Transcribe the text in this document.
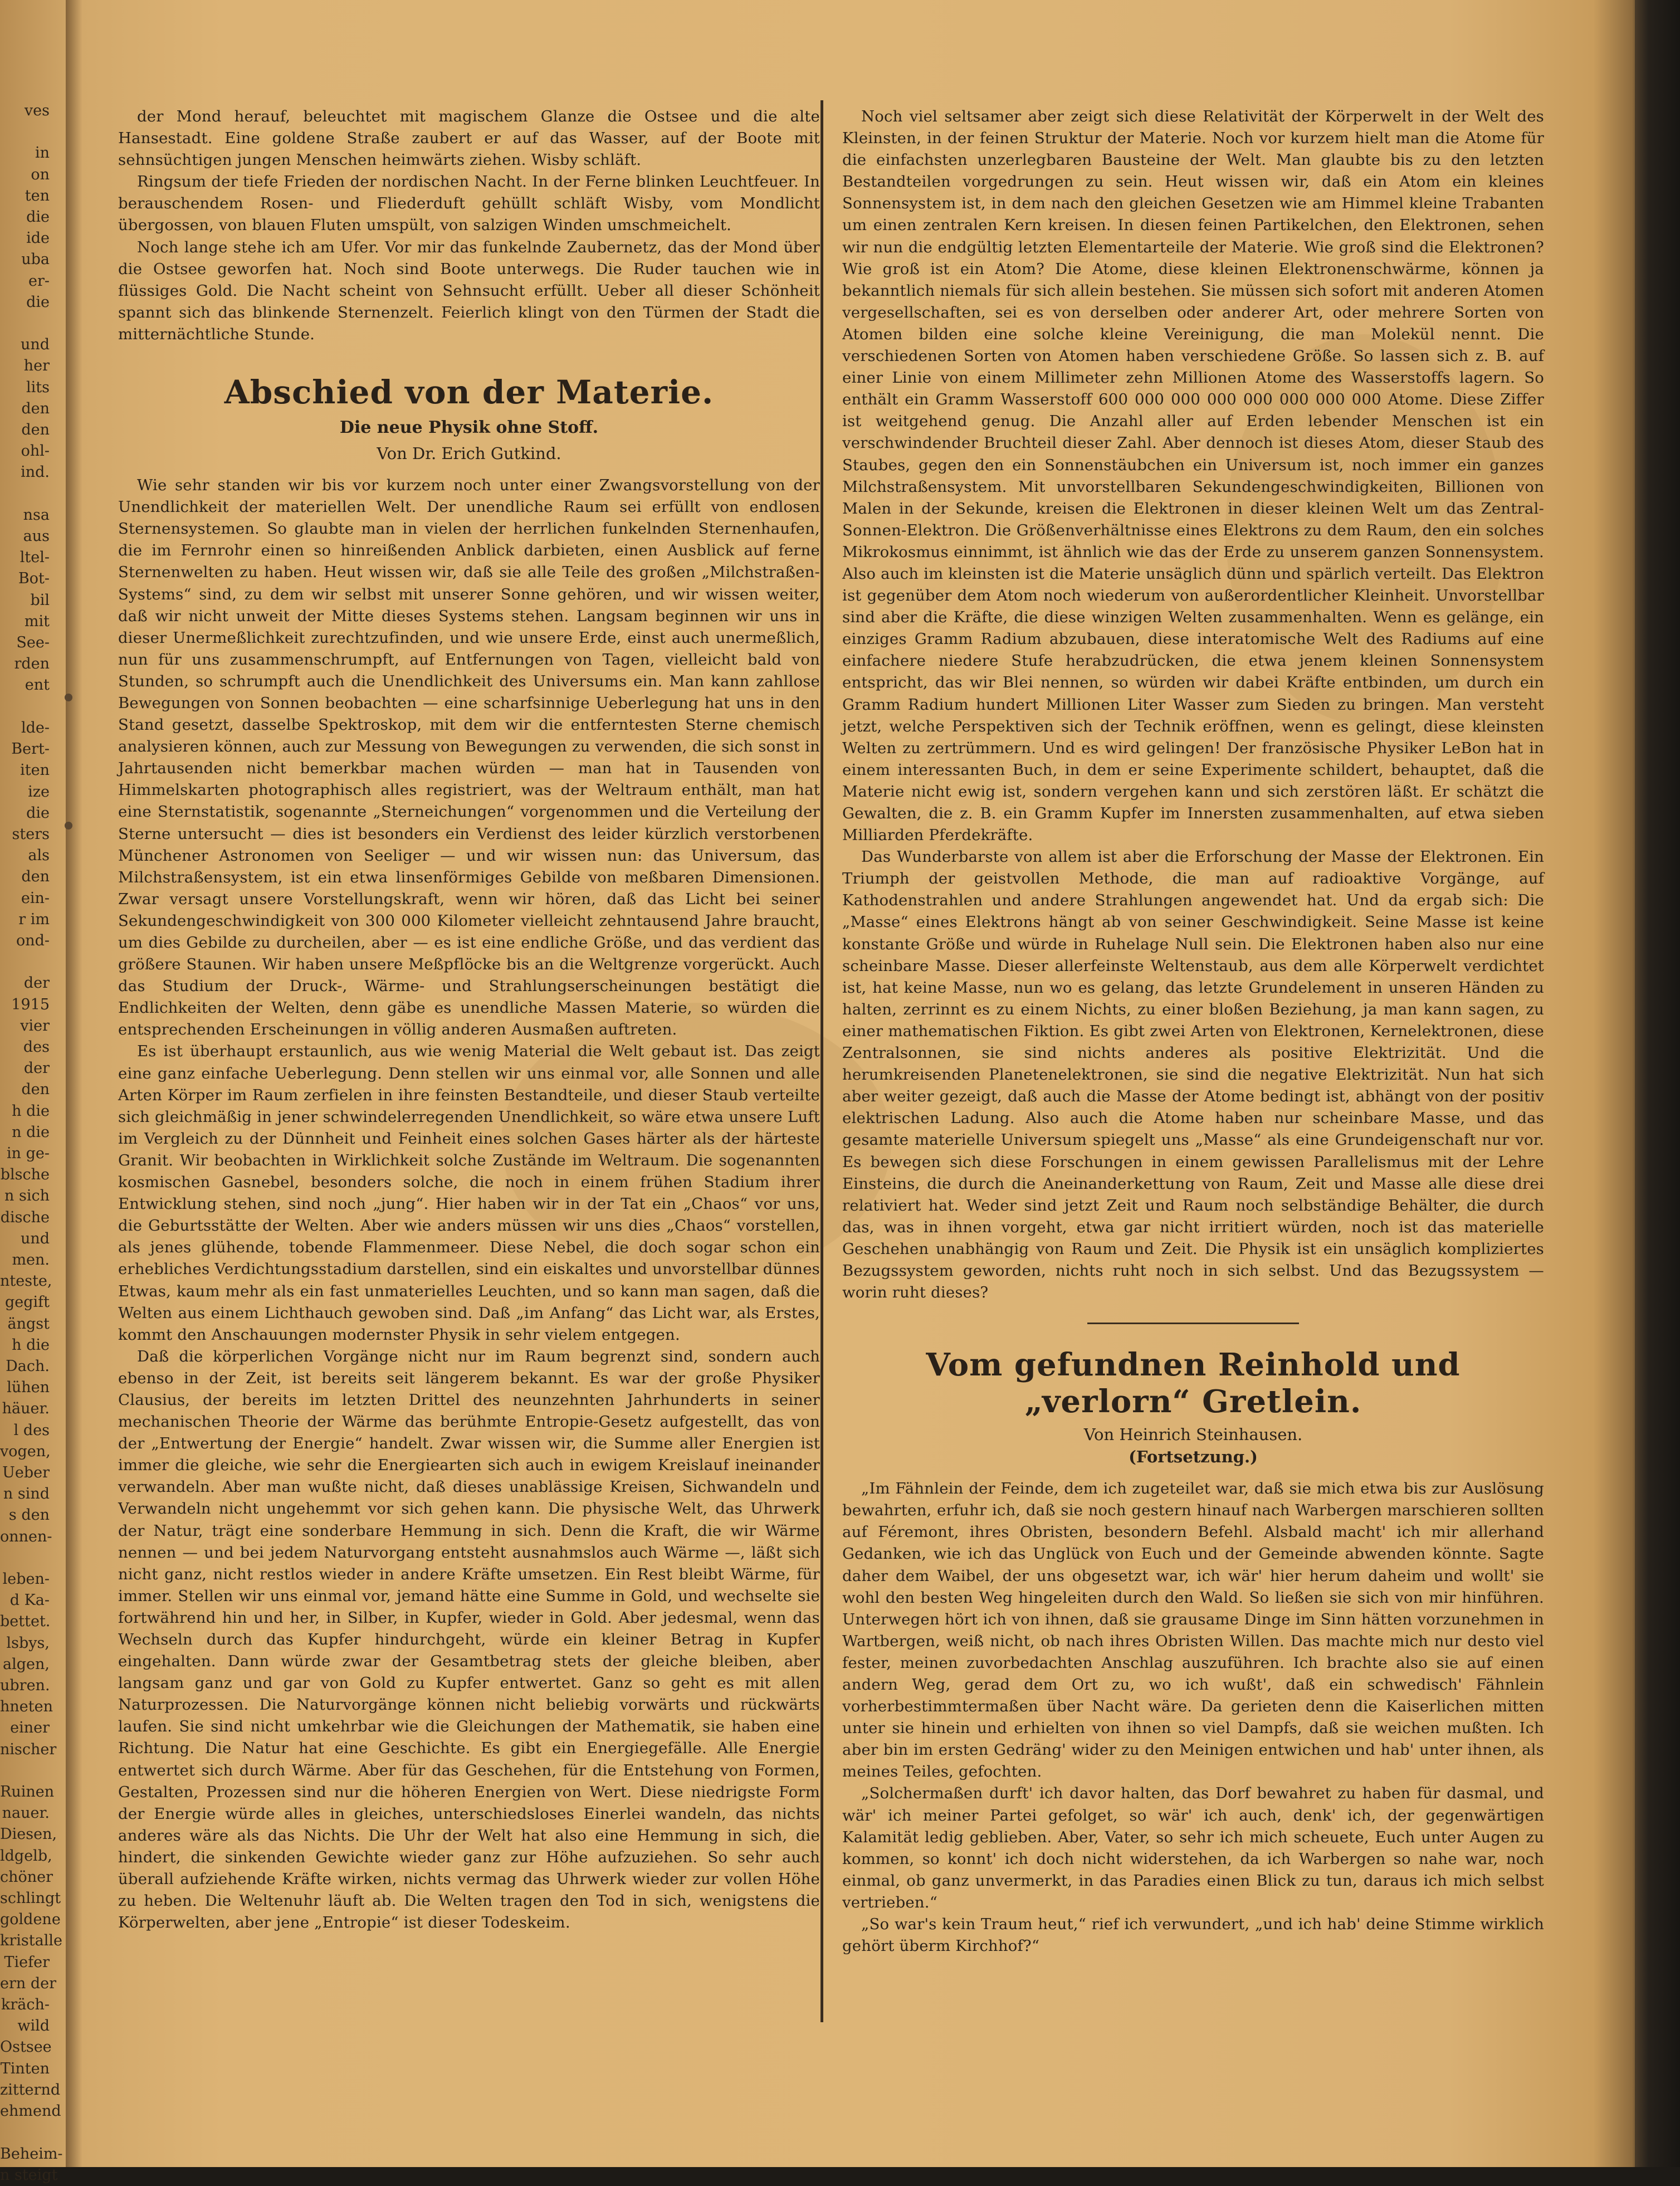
ves

in
on
ten
die
ide
uba
er-
die

und
her
lits
den
den
ohl-
ind.

nsa
aus
ltel-
Bot-
bil
mit
See-
rden
ent

lde-
Bert-
iten
ize
die
sters
als
den
ein-
r im
ond-

der
1915
vier
des
der
den
h die
n die
in ge-
blsche
n sich
dische
und
men.
nteste,
gegift
ängst
h die
Dach.
lühen
häuer.
l des
vogen,
Ueber
n sind
s den
onnen-

leben-
d Ka-
bettet.
lsbys,
algen,
ubren.
hneten
einer
nischer

Ruinen
nauer.
Diesen,
ldgelb,
chöner
schlingt
goldene
kristalle
Tiefer
ern der
kräch-
wild
Ostsee
Tinten
zitternd
ehmend

Beheim-
n steigt

der Mond herauf, beleuchtet mit magischem Glanze die Ostsee und die alte Hansestadt. Eine goldene Straße zaubert er auf das Wasser, auf der Boote mit sehnsüchtigen jungen Menschen heimwärts ziehen. Wisby schläft.

Ringsum der tiefe Frieden der nordischen Nacht. In der Ferne blinken Leuchtfeuer. In berauschendem Rosen- und Fliederduft gehüllt schläft Wisby, vom Mondlicht übergossen, von blauen Fluten umspült, von salzigen Winden umschmeichelt.

Noch lange stehe ich am Ufer. Vor mir das funkelnde Zaubernetz, das der Mond über die Ostsee geworfen hat. Noch sind Boote unterwegs. Die Ruder tauchen wie in flüssiges Gold. Die Nacht scheint von Sehnsucht erfüllt. Ueber all dieser Schönheit spannt sich das blinkende Sternenzelt. Feierlich klingt von den Türmen der Stadt die mitternächtliche Stunde.

Abschied von der Materie.
Die neue Physik ohne Stoff.
Von Dr. Erich Gutkind.

Wie sehr standen wir bis vor kurzem noch unter einer Zwangsvorstellung von der Unendlichkeit der materiellen Welt. Der unendliche Raum sei erfüllt von endlosen Sternensystemen. So glaubte man in vielen der herrlichen funkelnden Sternenhaufen, die im Fernrohr einen so hinreißenden Anblick darbieten, einen Ausblick auf ferne Sternenwelten zu haben. Heut wissen wir, daß sie alle Teile des großen „Milchstraßen-Systems“ sind, zu dem wir selbst mit unserer Sonne gehören, und wir wissen weiter, daß wir nicht unweit der Mitte dieses Systems stehen. Langsam beginnen wir uns in dieser Unermeßlichkeit zurechtzufinden, und wie unsere Erde, einst auch unermeßlich, nun für uns zusammenschrumpft, auf Entfernungen von Tagen, vielleicht bald von Stunden, so schrumpft auch die Unendlichkeit des Universums ein. Man kann zahllose Bewegungen von Sonnen beobachten — eine scharfsinnige Ueberlegung hat uns in den Stand gesetzt, dasselbe Spektroskop, mit dem wir die entferntesten Sterne chemisch analysieren können, auch zur Messung von Bewegungen zu verwenden, die sich sonst in Jahrtausenden nicht bemerkbar machen würden — man hat in Tausenden von Himmelskarten photographisch alles registriert, was der Weltraum enthält, man hat eine Sternstatistik, sogenannte „Sterneichungen“ vorgenommen und die Verteilung der Sterne untersucht — dies ist besonders ein Verdienst des leider kürzlich verstorbenen Münchener Astronomen von Seeliger — und wir wissen nun: das Universum, das Milchstraßensystem, ist ein etwa linsenförmiges Gebilde von meßbaren Dimensionen. Zwar versagt unsere Vorstellungskraft, wenn wir hören, daß das Licht bei seiner Sekundengeschwindigkeit von 300 000 Kilometer vielleicht zehntausend Jahre braucht, um dies Gebilde zu durcheilen, aber — es ist eine endliche Größe, und das verdient das größere Staunen. Wir haben unsere Meßpflöcke bis an die Weltgrenze vorgerückt. Auch das Studium der Druck-, Wärme- und Strahlungserscheinungen bestätigt die Endlichkeiten der Welten, denn gäbe es unendliche Massen Materie, so würden die entsprechenden Erscheinungen in völlig anderen Ausmaßen auftreten.

Es ist überhaupt erstaunlich, aus wie wenig Material die Welt gebaut ist. Das zeigt eine ganz einfache Ueberlegung. Denn stellen wir uns einmal vor, alle Sonnen und alle Arten Körper im Raum zerfielen in ihre feinsten Bestandteile, und dieser Staub verteilte sich gleichmäßig in jener schwindelerregenden Unendlichkeit, so wäre etwa unsere Luft im Vergleich zu der Dünnheit und Feinheit eines solchen Gases härter als der härteste Granit. Wir beobachten in Wirklichkeit solche Zustände im Weltraum. Die sogenannten kosmischen Gasnebel, besonders solche, die noch in einem frühen Stadium ihrer Entwicklung stehen, sind noch „jung“. Hier haben wir in der Tat ein „Chaos“ vor uns, die Geburtsstätte der Welten. Aber wie anders müssen wir uns dies „Chaos“ vorstellen, als jenes glühende, tobende Flammenmeer. Diese Nebel, die doch sogar schon ein erhebliches Verdichtungsstadium darstellen, sind ein eiskaltes und unvorstellbar dünnes Etwas, kaum mehr als ein fast unmaterielles Leuchten, und so kann man sagen, daß die Welten aus einem Lichthauch gewoben sind. Daß „im Anfang“ das Licht war, als Erstes, kommt den Anschauungen modernster Physik in sehr vielem entgegen.

Daß die körperlichen Vorgänge nicht nur im Raum begrenzt sind, sondern auch ebenso in der Zeit, ist bereits seit längerem bekannt. Es war der große Physiker Clausius, der bereits im letzten Drittel des neunzehnten Jahrhunderts in seiner mechanischen Theorie der Wärme das berühmte Entropie-Gesetz aufgestellt, das von der „Entwertung der Energie“ handelt. Zwar wissen wir, die Summe aller Energien ist immer die gleiche, wie sehr die Energiearten sich auch in ewigem Kreislauf ineinander verwandeln. Aber man wußte nicht, daß dieses unablässige Kreisen, Sichwandeln und Verwandeln nicht ungehemmt vor sich gehen kann. Die physische Welt, das Uhrwerk der Natur, trägt eine sonderbare Hemmung in sich. Denn die Kraft, die wir Wärme nennen — und bei jedem Naturvorgang entsteht ausnahmslos auch Wärme —, läßt sich nicht ganz, nicht restlos wieder in andere Kräfte umsetzen. Ein Rest bleibt Wärme, für immer. Stellen wir uns einmal vor, jemand hätte eine Summe in Gold, und wechselte sie fortwährend hin und her, in Silber, in Kupfer, wieder in Gold. Aber jedesmal, wenn das Wechseln durch das Kupfer hindurchgeht, würde ein kleiner Betrag in Kupfer eingehalten. Dann würde zwar der Gesamtbetrag stets der gleiche bleiben, aber langsam ganz und gar von Gold zu Kupfer entwertet. Ganz so geht es mit allen Naturprozessen. Die Naturvorgänge können nicht beliebig vorwärts und rückwärts laufen. Sie sind nicht umkehrbar wie die Gleichungen der Mathematik, sie haben eine Richtung. Die Natur hat eine Geschichte. Es gibt ein Energiegefälle. Alle Energie entwertet sich durch Wärme. Aber für das Geschehen, für die Entstehung von Formen, Gestalten, Prozessen sind nur die höheren Energien von Wert. Diese niedrigste Form der Energie würde alles in gleiches, unterschiedsloses Einerlei wandeln, das nichts anderes wäre als das Nichts. Die Uhr der Welt hat also eine Hemmung in sich, die hindert, die sinkenden Gewichte wieder ganz zur Höhe aufzuziehen. So sehr auch überall aufziehende Kräfte wirken, nichts vermag das Uhrwerk wieder zur vollen Höhe zu heben. Die Weltenuhr läuft ab. Die Welten tragen den Tod in sich, wenigstens die Körperwelten, aber jene „Entropie“ ist dieser Todeskeim.

Noch viel seltsamer aber zeigt sich diese Relativität der Körperwelt in der Welt des Kleinsten, in der feinen Struktur der Materie. Noch vor kurzem hielt man die Atome für die einfachsten unzerlegbaren Bausteine der Welt. Man glaubte bis zu den letzten Bestandteilen vorgedrungen zu sein. Heut wissen wir, daß ein Atom ein kleines Sonnensystem ist, in dem nach den gleichen Gesetzen wie am Himmel kleine Trabanten um einen zentralen Kern kreisen. In diesen feinen Partikelchen, den Elektronen, sehen wir nun die endgültig letzten Elementarteile der Materie. Wie groß sind die Elektronen? Wie groß ist ein Atom? Die Atome, diese kleinen Elektronenschwärme, können ja bekanntlich niemals für sich allein bestehen. Sie müssen sich sofort mit anderen Atomen vergesellschaften, sei es von derselben oder anderer Art, oder mehrere Sorten von Atomen bilden eine solche kleine Vereinigung, die man Molekül nennt. Die verschiedenen Sorten von Atomen haben verschiedene Größe. So lassen sich z. B. auf einer Linie von einem Millimeter zehn Millionen Atome des Wasserstoffs lagern. So enthält ein Gramm Wasserstoff 600 000 000 000 000 000 000 000 Atome. Diese Ziffer ist weitgehend genug. Die Anzahl aller auf Erden lebender Menschen ist ein verschwindender Bruchteil dieser Zahl. Aber dennoch ist dieses Atom, dieser Staub des Staubes, gegen den ein Sonnenstäubchen ein Universum ist, noch immer ein ganzes Milchstraßensystem. Mit unvorstellbaren Sekundengeschwindigkeiten, Billionen von Malen in der Sekunde, kreisen die Elektronen in dieser kleinen Welt um das Zentral-Sonnen-Elektron. Die Größenverhältnisse eines Elektrons zu dem Raum, den ein solches Mikrokosmus einnimmt, ist ähnlich wie das der Erde zu unserem ganzen Sonnensystem. Also auch im kleinsten ist die Materie unsäglich dünn und spärlich verteilt. Das Elektron ist gegenüber dem Atom noch wiederum von außerordentlicher Kleinheit. Unvorstellbar sind aber die Kräfte, die diese winzigen Welten zusammenhalten. Wenn es gelänge, ein einziges Gramm Radium abzubauen, diese interatomische Welt des Radiums auf eine einfachere niedere Stufe herabzudrücken, die etwa jenem kleinen Sonnensystem entspricht, das wir Blei nennen, so würden wir dabei Kräfte entbinden, um durch ein Gramm Radium hundert Millionen Liter Wasser zum Sieden zu bringen. Man versteht jetzt, welche Perspektiven sich der Technik eröffnen, wenn es gelingt, diese kleinsten Welten zu zertrümmern. Und es wird gelingen! Der französische Physiker LeBon hat in einem interessanten Buch, in dem er seine Experimente schildert, behauptet, daß die Materie nicht ewig ist, sondern vergehen kann und sich zerstören läßt. Er schätzt die Gewalten, die z. B. ein Gramm Kupfer im Innersten zusammenhalten, auf etwa sieben Milliarden Pferdekräfte.

Das Wunderbarste von allem ist aber die Erforschung der Masse der Elektronen. Ein Triumph der geistvollen Methode, die man auf radioaktive Vorgänge, auf Kathodenstrahlen und andere Strahlungen angewendet hat. Und da ergab sich: Die „Masse“ eines Elektrons hängt ab von seiner Geschwindigkeit. Seine Masse ist keine konstante Größe und würde in Ruhelage Null sein. Die Elektronen haben also nur eine scheinbare Masse. Dieser allerfeinste Weltenstaub, aus dem alle Körperwelt verdichtet ist, hat keine Masse, nun wo es gelang, das letzte Grundelement in unseren Händen zu halten, zerrinnt es zu einem Nichts, zu einer bloßen Beziehung, ja man kann sagen, zu einer mathematischen Fiktion. Es gibt zwei Arten von Elektronen, Kernelektronen, diese Zentralsonnen, sie sind nichts anderes als positive Elektrizität. Und die herumkreisenden Planetenelektronen, sie sind die negative Elektrizität. Nun hat sich aber weiter gezeigt, daß auch die Masse der Atome bedingt ist, abhängt von der positiv elektrischen Ladung. Also auch die Atome haben nur scheinbare Masse, und das gesamte materielle Universum spiegelt uns „Masse“ als eine Grundeigenschaft nur vor. Es bewegen sich diese Forschungen in einem gewissen Parallelismus mit der Lehre Einsteins, die durch die Aneinanderkettung von Raum, Zeit und Masse alle diese drei relativiert hat. Weder sind jetzt Zeit und Raum noch selbständige Behälter, die durch das, was in ihnen vorgeht, etwa gar nicht irritiert würden, noch ist das materielle Geschehen unabhängig von Raum und Zeit. Die Physik ist ein unsäglich kompliziertes Bezugssystem geworden, nichts ruht noch in sich selbst. Und das Bezugssystem — worin ruht dieses?

Vom gefundnen Reinhold und „verlorn“ Gretlein.
Von Heinrich Steinhausen.
(Fortsetzung.)

„Im Fähnlein der Feinde, dem ich zugeteilet war, daß sie mich etwa bis zur Auslösung bewahrten, erfuhr ich, daß sie noch gestern hinauf nach Warbergen marschieren sollten auf Féremont, ihres Obristen, besondern Befehl. Alsbald macht' ich mir allerhand Gedanken, wie ich das Unglück von Euch und der Gemeinde abwenden könnte. Sagte daher dem Waibel, der uns obgesetzt war, ich wär' hier herum daheim und wollt' sie wohl den besten Weg hingeleiten durch den Wald. So ließen sie sich von mir hinführen. Unterwegen hört ich von ihnen, daß sie grausame Dinge im Sinn hätten vorzunehmen in Wartbergen, weiß nicht, ob nach ihres Obristen Willen. Das machte mich nur desto viel fester, meinen zuvorbedachten Anschlag auszuführen. Ich brachte also sie auf einen andern Weg, gerad dem Ort zu, wo ich wußt', daß ein schwedisch' Fähnlein vorherbestimmtermaßen über Nacht wäre. Da gerieten denn die Kaiserlichen mitten unter sie hinein und erhielten von ihnen so viel Dampfs, daß sie weichen mußten. Ich aber bin im ersten Gedräng' wider zu den Meinigen entwichen und hab' unter ihnen, als meines Teiles, gefochten.

„Solchermaßen durft' ich davor halten, das Dorf bewahret zu haben für dasmal, und wär' ich meiner Partei gefolget, so wär' ich auch, denk' ich, der gegenwärtigen Kalamität ledig geblieben. Aber, Vater, so sehr ich mich scheuete, Euch unter Augen zu kommen, so konnt' ich doch nicht widerstehen, da ich Warbergen so nahe war, noch einmal, ob ganz unvermerkt, in das Paradies einen Blick zu tun, daraus ich mich selbst vertrieben.“

„So war's kein Traum heut,“ rief ich verwundert, „und ich hab' deine Stimme wirklich gehört überm Kirchhof?“
